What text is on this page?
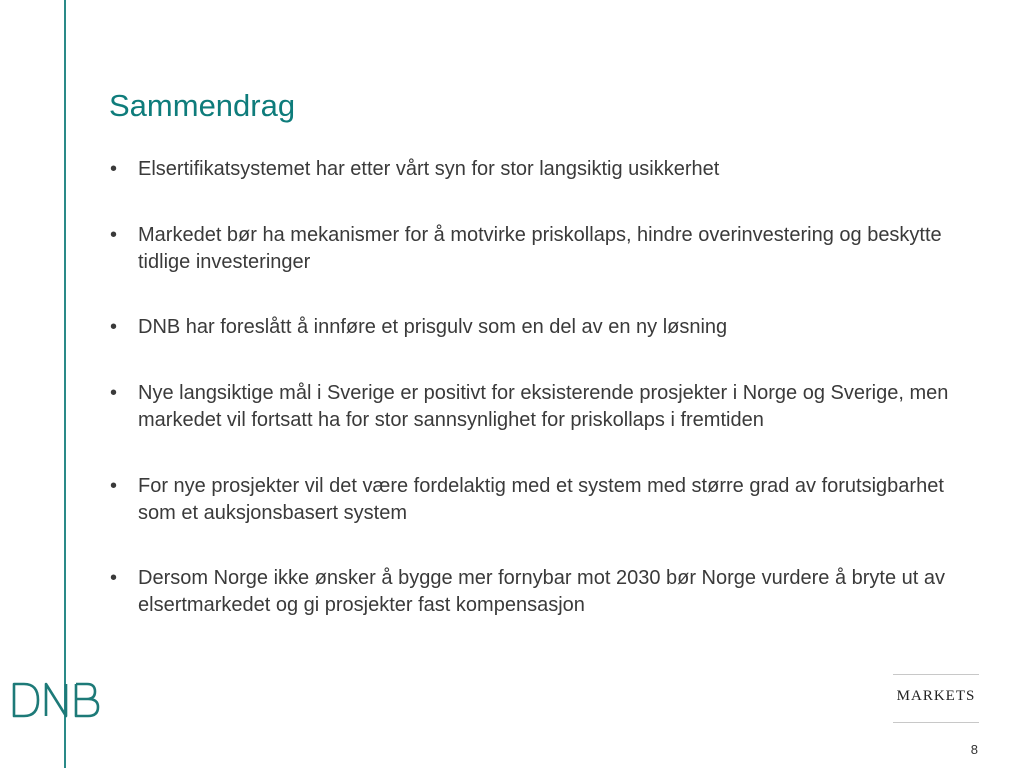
Sammendrag
• Elsertifikatsystemet har etter vårt syn for stor langsiktig usikkerhet
• Markedet bør ha mekanismer for å motvirke priskollaps, hindre overinvestering og beskytte tidlige investeringer
• DNB har foreslått å innføre et prisgulv som en del av en ny løsning
• Nye langsiktige mål i Sverige er positivt for eksisterende prosjekter i Norge og Sverige, men markedet vil fortsatt ha for stor sannsynlighet for priskollaps i fremtiden
• For nye prosjekter vil det være fordelaktig med et system med større grad av forutsigbarhet som et auksjonsbasert system
• Dersom Norge ikke ønsker å bygge mer fornybar mot 2030 bør Norge vurdere å bryte ut av elsertmarkedet og gi prosjekter fast kompensasjon
MARKETS
8
